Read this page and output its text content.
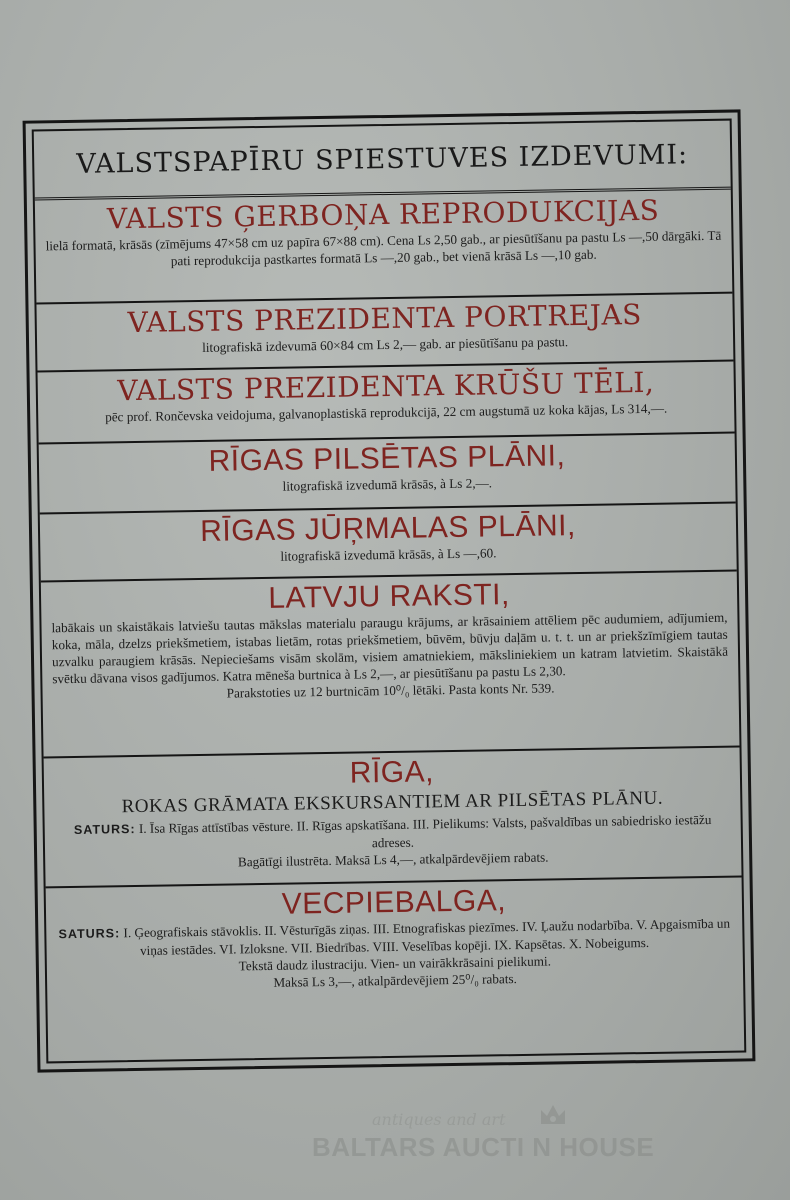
VALSTSPAPĪRU SPIESTUVES IZDEVUMI:
VALSTS ĢERBOŅA REPRODUKCIJAS
lielā formatā, krāsās (zīmējums 47×58 cm uz papīra 67×88 cm). Cena Ls 2,50 gab., ar piesūtīšanu pa pastu Ls —,50 dārgāki. Tā pati reprodukcija pastkartes formatā Ls —,20 gab., bet vienā krāsā Ls —,10 gab.
VALSTS PREZIDENTA PORTREJAS
litografiskā izdevumā 60×84 cm Ls 2,— gab. ar piesūtīšanu pa pastu.
VALSTS PREZIDENTA KRŪŠU TĒLI,
pēc prof. Rončevska veidojuma, galvanoplastiskā reprodukcijā, 22 cm augstumā uz koka kājas, Ls 314,—.
RĪGAS PILSĒTAS PLĀNI,
litografiskā izvedumā krāsās, à Ls 2,—.
RĪGAS JŪŖMALAS PLĀNI,
litografiskā izvedumā krāsās, à Ls —,60.
LATVJU RAKSTI,
labākais un skaistākais latviešu tautas mākslas materialu paraugu krājums, ar krāsainiem attēliem pēc audumiem, adījumiem, koka, māla, dzelzs priekšmetiem, istabas lietām, rotas priekšmetiem, būvēm, būvju daļām u. t. t. un ar priekšzīmīgiem tautas uzvalku paraugiem krāsās. Nepieciešams visām skolām, visiem amatniekiem, māksliniekiem un katram latvietim. Skaistākā svētku dāvana visos gadījumos. Katra mēneša burtnica à Ls 2,—, ar piesūtīšanu pa pastu Ls 2,30.
Parakstoties uz 12 burtnicām 10⁰/₀ lētāki. Pasta konts Nr. 539.
RĪGA,
ROKAS GRĀMATA EKSKURSANTIEM AR PILSĒTAS PLĀNU.
SATURS: I. Īsa Rīgas attīstības vēsture. II. Rīgas apskatīšana. III. Pielikums: Valsts, pašvaldības un sabiedrisko iestāžu adreses.
Bagātīgi ilustrēta. Maksā Ls 4,—, atkalpārdevējiem rabats.
VECPIEBALGA,
SATURS: I. Ģeografiskais stāvoklis. II. Vēsturīgās ziņas. III. Etnografiskas piezīmes. IV. Ļaužu nodarbība. V. Apgaismība un viņas iestādes. VI. Izloksne. VII. Biedrības. VIII. Veselības kopēji. IX. Kapsētas. X. Nobeigums.
Tekstā daudz ilustraciju. Vien- un vairākkrāsaini pielikumi.
Maksā Ls 3,—, atkalpārdevējiem 25⁰/₀ rabats.
antiques and art
BALTARS AUCTI N HOUSE
